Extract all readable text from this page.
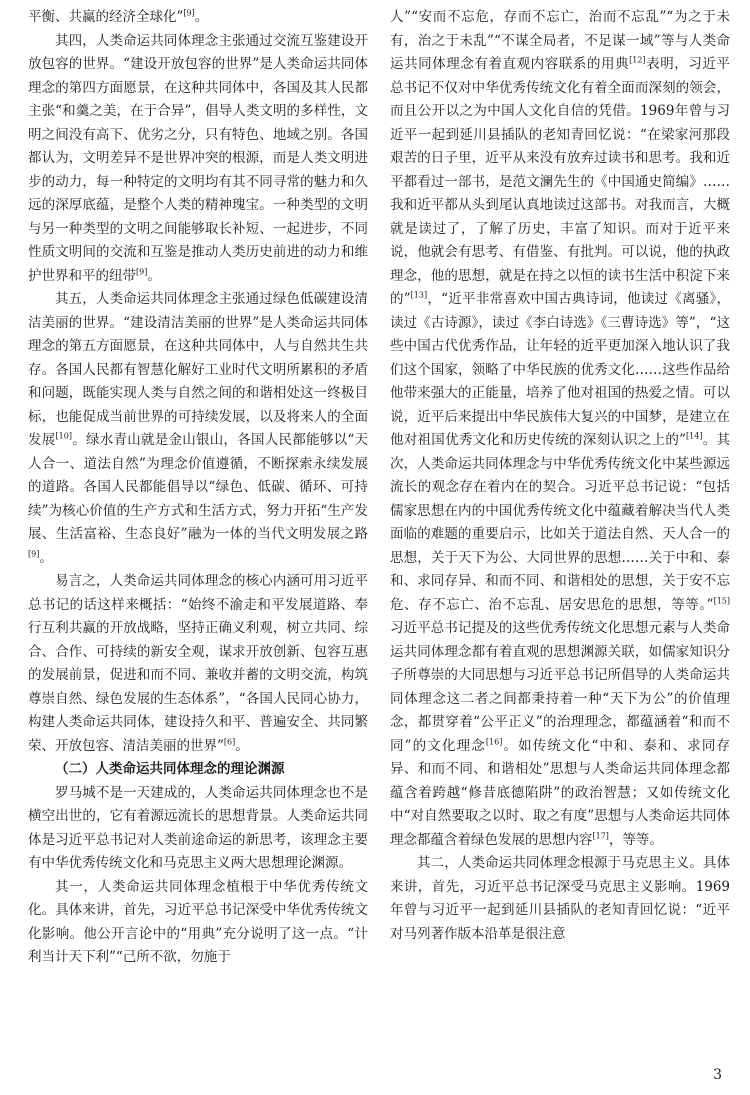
平衡、共赢的经济全球化”[9]。

其四，人类命运共同体理念主张通过交流互鉴建设开放包容的世界。“建设开放包容的世界”是人类命运共同体理念的第四方面愿景，在这种共同体中，各国及其人民都主张“和羹之美，在于合异”，倡导人类文明的多样性，文明之间没有高下、优劣之分，只有特色、地域之别。各国都认为，文明差异不是世界冲突的根源，而是人类文明进步的动力，每一种特定的文明均有其不同寻常的魅力和久远的深厚底蕴，是整个人类的精神瑰宝。一种类型的文明与另一种类型的文明之间能够取长补短、一起进步，不同性质文明间的交流和互鉴是推动人类历史前进的动力和维护世界和平的纽带[9]。

其五，人类命运共同体理念主张通过绿色低碳建设清洁美丽的世界。“建设清洁美丽的世界”是人类命运共同体理念的第五方面愿景，在这种共同体中，人与自然共生共存。各国人民都有智慧化解好工业时代文明所累积的矛盾和问题，既能实现人类与自然之间的和谐相处这一终极目标，也能促成当前世界的可持续发展，以及将来人的全面发展[10]。绿水青山就是金山银山，各国人民都能够以“天人合一、道法自然”为理念价值遵循，不断探索永续发展的道路。各国人民都能倡导以“绿色、低碳、循环、可持续”为核心价值的生产方式和生活方式，努力开拓“生产发展、生活富裕、生态良好”融为一体的当代文明发展之路[9]。

易言之，人类命运共同体理念的核心内涵可用习近平总书记的话这样来概括：“始终不渝走和平发展道路、奉行互利共赢的开放战略，坚持正确义利观，树立共同、综合、合作、可持续的新安全观，谋求开放创新、包容互惠的发展前景，促进和而不同、兼收并蓄的文明交流，构筑尊崇自然、绿色发展的生态体系”，“各国人民同心协力，构建人类命运共同体，建设持久和平、普遍安全、共同繁荣、开放包容、清洁美丽的世界”[6]。

（二）人类命运共同体理念的理论渊源

罗马城不是一天建成的，人类命运共同体理念也不是横空出世的，它有着源远流长的思想背景。人类命运共同体是习近平总书记对人类前途命运的新思考，该理念主要有中华优秀传统文化和马克思主义两大思想理论渊源。

其一，人类命运共同体理念植根于中华优秀传统文化。具体来讲，首先，习近平总书记深受中华优秀传统文化影响。他公开言论中的“用典”充分说明了这一点。“计利当计天下利”“己所不欲，勿施于

人”“安而不忘危，存而不忘亡，治而不忘乱”“为之于未有，治之于未乱”“不谋全局者，不足谋一域”等与人类命运共同体理念有着直观内容联系的用典[12]表明，习近平总书记不仅对中华优秀传统文化有着全面而深刻的领会，而且公开以之为中国人文化自信的凭借。1969年曾与习近平一起到延川县插队的老知青回忆说：“在梁家河那段艰苦的日子里，近平从来没有放弃过读书和思考。我和近平都看过一部书，是范文澜先生的《中国通史简编》……我和近平都从头到尾认真地读过这部书。对我而言，大概就是读过了，了解了历史，丰富了知识。而对于近平来说，他就会有思考、有借鉴、有批判。可以说，他的执政理念，他的思想，就是在持之以恒的读书生活中积淀下来的”[13]，“近平非常喜欢中国古典诗词，他读过《离骚》，读过《古诗源》，读过《李白诗选》《三曹诗选》等”，“这些中国古代优秀作品，让年轻的近平更加深入地认识了我们这个国家，领略了中华民族的优秀文化……这些作品给他带来强大的正能量，培养了他对祖国的热爱之情。可以说，近平后来提出中华民族伟大复兴的中国梦，是建立在他对祖国优秀文化和历史传统的深刻认识之上的”[14]。其次，人类命运共同体理念与中华优秀传统文化中某些源远流长的观念存在着内在的契合。习近平总书记说：“包括儒家思想在内的中国优秀传统文化中蕴藏着解决当代人类面临的难题的重要启示，比如关于道法自然、天人合一的思想，关于天下为公、大同世界的思想……关于中和、泰和、求同存异、和而不同、和谐相处的思想，关于安不忘危、存不忘亡、治不忘乱、居安思危的思想，等等。”[15]习近平总书记提及的这些优秀传统文化思想元素与人类命运共同体理念都有着直观的思想渊源关联，如儒家知识分子所尊崇的大同思想与习近平总书记所倡导的人类命运共同体理念这二者之间都秉持着一种“天下为公”的价值理念，都贯穿着“公平正义”的治理理念，都蕴涵着“和而不同”的文化理念[16]。如传统文化“中和、泰和、求同存异、和而不同、和谐相处”思想与人类命运共同体理念都蕴含着跨越“修昔底德陷阱”的政治智慧；又如传统文化中“对自然要取之以时、取之有度”思想与人类命运共同体理念都蕴含着绿色发展的思想内容[17]，等等。

其二，人类命运共同体理念根源于马克思主义。具体来讲，首先，习近平总书记深受马克思主义影响。1969年曾与习近平一起到延川县插队的老知青回忆说：“近平对马列著作版本沿革是很注意

3
